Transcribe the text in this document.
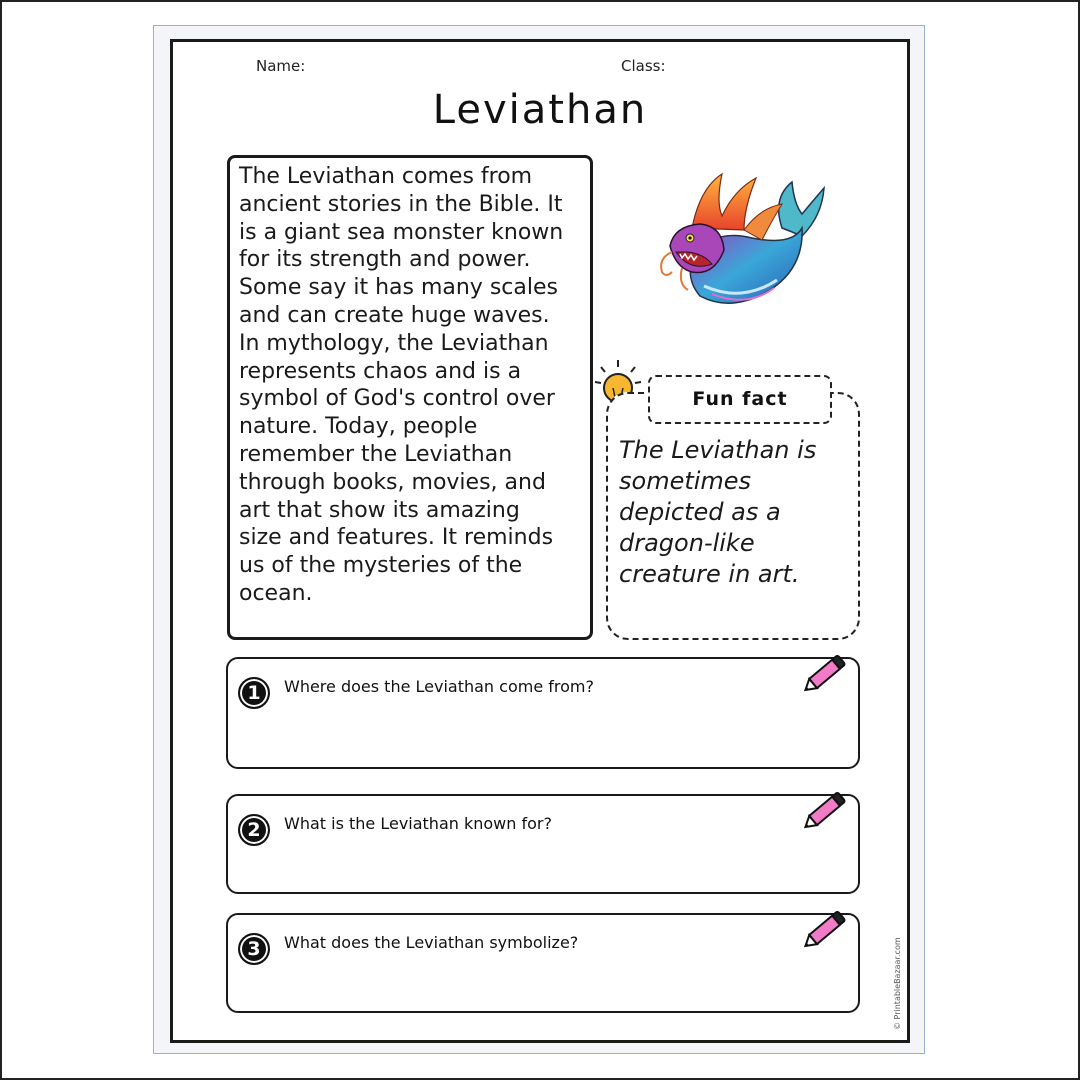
Name:	Class:
Leviathan
The Leviathan comes from
ancient stories in the Bible. It
is a giant sea monster known
for its strength and power.
Some say it has many scales
and can create huge waves.
In mythology, the Leviathan
represents chaos and is a
symbol of God's control over
nature. Today, people
remember the Leviathan
through books, movies, and
art that show its amazing
size and features. It reminds
us of the mysteries of the
ocean.
Fun fact
The Leviathan is
sometimes
depicted as a
dragon-like
creature in art.
1	Where does the Leviathan come from?
2	What is the Leviathan known for?
3	What does the Leviathan symbolize?	© PrintableBazaar.com
